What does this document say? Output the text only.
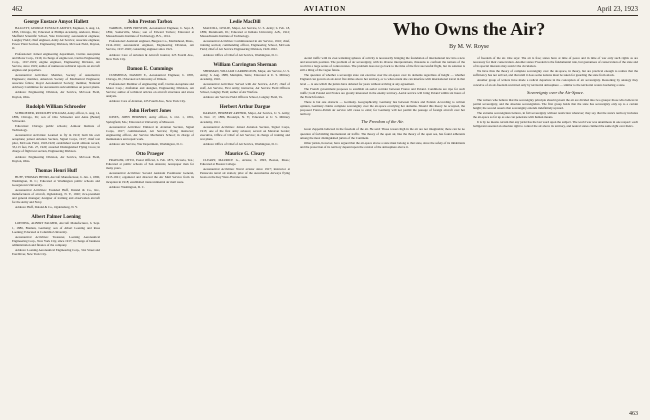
462	AVIATION	April 23, 1923
George Eustace Amyot Hallett

HALLETT, GEORGE EUSTACE AMYOT, Engineer, b. Aug. 14, 1895, Chicago, Ill.; Educated at Phillips Academy, Andover, Mass.; Sheffield Scientific School, Yale University; aeronautical engineer, Langley Field; chief engineer, Army Air Service; associate engineer, Power Plant Section, Engineering Division, McCook Field, Dayton, O.

Professional: Joined engineering department, Curtiss Aeroplane and Motor Corp., 1916; in charge of engine test, Curtiss Engineering Corp., 1917-1919; engine engineer, Engineering Division, Air Service, since 1919; author of numerous technical reports on aircraft engines and propellers.

Aeronautical Activities: Member, Society of Automotive Engineers; member, American Society of Mechanical Engineers; associate fellow, Royal Aeronautical Society; member, National Advisory Committee for Aeronautics subcommittee on power plants.

Address: Engineering Division, Air Service, McCook Field, Dayton, Ohio.

Rudolph William Schroeder

SCHROEDER, RUDOLPH WILLIAM, Army officer, b. Aug. 14, 1886, Chicago, Ill.; son of Otto Schroeder and Anna (Beitel) Schroeder.

Education: Chicago public schools; Armour Institute of Technology.

Aeronautical Activities: Learned to fly in 1910; built his own aeroplane; joined Aviation Section, Signal Corps, 1917; chief test pilot, McCook Field, 1918-1920; established world altitude record, 33,113 feet, Feb. 27, 1920; awarded Distinguished Flying Cross; in charge of flight test section, Engineering Division.

Address: Engineering Division, Air Service, McCook Field, Dayton, Ohio.

Thomas Henri Huff

HUFF, THOMAS HENRI, Aircraft Manufacturer, b. Jan. 1, 1890, Washington, D. C.; Educated at Washington public schools and Georgetown University.

Aeronautical Activities: Founded Huff, Daland & Co., Inc., manufacturers of aircraft, Ogdensburg, N. Y., 1920; vice-president and general manager; designer of training and observation aircraft for the Army and Navy.

Address: Huff, Daland & Co., Ogdensburg, N. Y.

Albert Palmer Loening

LOENING, ALBERT PALMER, Aircraft Manufacturer, b. Sept. 1, 1886, Bremen, Germany; son of Albert Loening and Rosa Loening; Educated at Columbia University.

Aeronautical Activities: Treasurer, Loening Aeronautical Engineering Corp., New York City, since 1917; in charge of business administration and finance of the company.

Address: Loening Aeronautical Engineering Corp., 31st Street and East River, New York City.

John Preston Tarbox

TARBOX, JOHN PRESTON, Aeronautical Engineer, b. Sept. 8, 1892, Somerville, Mass.; son of Edward Tarbox; Educated at Massachusetts Institute of Technology, B.S., 1914.

Professional: Assistant engineer, Burgess Co., Marblehead, Mass., 1914-1916; aeronautical engineer, Engineering Division, Air Service, 1917-1920; consulting engineer since 1921.

Address: Care of Aviation & Aircraft Journal, 225 Fourth Ave., New York City.

Damon E. Cummings

CUMMINGS, DAMON E., Aeronautical Engineer, b. 1895, Chicago, Ill.; Educated at University of Illinois.

Professional: Member of engineering staff, Curtiss Aeroplane and Motor Corp.; draftsman and designer, Engineering Division, Air Service; author of technical articles on aircraft structures and stress analysis.

Address: Care of Aviation, 225 Fourth Ave., New York City.

John Herbert Jones

JONES, JOHN HERBERT, Army officer, b. Oct. 1, 1891, Springfield, Mo.; Educated at University of Missouri.

Aeronautical Activities: Enlisted in Aviation Section, Signal Corps, 1917; commissioned, Air Service; flying instructor; engineering officer, Air Service Mechanics School; in charge of maintenance and repair work.

Address: Air Service, War Department, Washington, D. C.

Otto Praeger

PRAEGER, OTTO, Postal Official, b. Feb. 1871, Victoria, Tex.; Educated at public schools of San Antonio; newspaper man for many years.

Aeronautical Activities: Second Assistant Postmaster General, 1915-1921; organized and directed the Air Mail Service from its inception in 1918; established transcontinental air mail route.

Address: Washington, D. C.

Leslie MacDill

MACDILL, LESLIE, Major, Air Service, U. S. Army; b. Feb. 18, 1889, Monmouth, Ill.; Educated at Indiana University, A.B., 1912; Massachusetts Institute of Technology.

Aeronautical Activities: Commissioned in Air Service, 1916; chief, training section; commanding officer, Engineering School, McCook Field; chief of Air Service Engineering Division, 1920-1922.

Address: Office of Chief of Air Service, Washington, D. C.

William Carrington Sherman

SHERMAN, WILLIAM CARRINGTON, Major, Air Service, U. S. Army; b. Aug. 1888, Memphis, Tenn.; Educated at U. S. Military Academy, 1910.

Aeronautical Activities: Served with Air Service, A.E.F.; chief of staff, Air Service, First Army; instructor, Air Service Field Officers School, Langley Field; author of Air Warfare.

Address: Air Service Field Officers School, Langley Field, Va.

Herbert Arthur Dargue

DARGUE, HERBERT ARTHUR, Major, Air Service, U. S. Army; b. Nov. 17, 1886, Brooklyn, N. Y.; Educated at U. S. Military Academy, 1911.

Aeronautical Activities: Joined Aviation Section, Signal Corps, 1913; one of the first army aviators; served on Mexican border; executive, Office of Chief of Air Service; in charge of training and war plans.

Address: Office of Chief of Air Service, Washington, D. C.

Maurice G. Cleary

CLEARY, MAURICE G., Aviator, b. 1893, Boston, Mass.; Educated at Boston College.

Aeronautical Activities: Naval aviator since 1917; instructor at Pensacola naval air station; pilot of the Aeromarine Airways flying boats on the Key West–Havana route.

Who Owns the Air?
By M. W. Royse

Aerial traffic with its ever-widening spheres of activity is necessarily bringing the foundation of international law into a new and uncertain position. The problem of air sovereignty, with its diverse interpretations, threatens to confront the nations of the world in a large series of controversies. The problem does not go back to the time of the first successful flight, but its solution is still a thing of the vague future.

The question of whether a sovereign state can exercise over the air-space over its domains regardless of height — whether England can govern an air-level five miles above her territory, or to what extent she can interfere with international travel in that level — is one which the jurists have debated for years without arriving at any agreement.

The French government proposes to establish an aerial corridor between France and Poland. Conditions are ripe for such traffic; both Poland and France are greatly interested in the enemy territory. Aerial service will bring Poland within six hours of the French frontier.

There is but one obstacle — Germany. Geographically, Germany lies between France and Poland. According to written opinion, Germany claims complete sovereignty over the air-space overlying her domains. Should this theory be accepted, the proposed Franco-Polish air service will cease to exist; for Germany will not permit the passage of foreign aircraft over her territory.

The Freedom of the Air.

Great Zeppelin believed in the freedom of the air. He said: Those towers high in the air are not imaginable; there can be no question of forbidding international air traffic. The theory of the open air, like the theory of the open sea, has found adherents among the most distinguished jurists of the Continent.

Other jurists, however, have argued that the air-space above a state must belong to that state, since the safety of its inhabitants and the protection of its territory depend upon the control of the atmosphere above it.

of freedom of the air. One says: The air is free; states have at time of peace and in time of war only such rights as are necessary for their conservation. Another states: Freedom is the fundamental rule, but guarantees of conservation of the state and of its special interests may restrict the circulation.

We have thus the theory of complete sovereignty over the air-space, in theory, but are practical enough to realize that the sufficiency has not arrived, and that until it does some nations must be taken for guarding the state from attack.

Another group of writers have made a radical departure in the conception of air sovereignty. Reasoning by analogy they conceive of an air-freedom restricted only by territorial atmosphere — similar to the territorial waters bordering a state.

Sovereignty over the Air-Space.

The writers who believe that the sovereignty principle should govern the air are divided into two groups: those who believe in partial sovereignty, and the absolute sovereigntists. The first group holds that the state has sovereignty only up to a certain height; the second asserts that sovereignty extends indefinitely upward.

The extreme sovereignists believe, in full sovereignty without restriction whatever; they say that the state's territory includes the air-space as far up as one can penetrate with human means.

It is by no means certain that any jurist has the last word upon the subject. The world war was unanimous in one respect: each belligerent asserted an absolute right to control the air above its territory, and neutral states claimed the same right over theirs.

463
